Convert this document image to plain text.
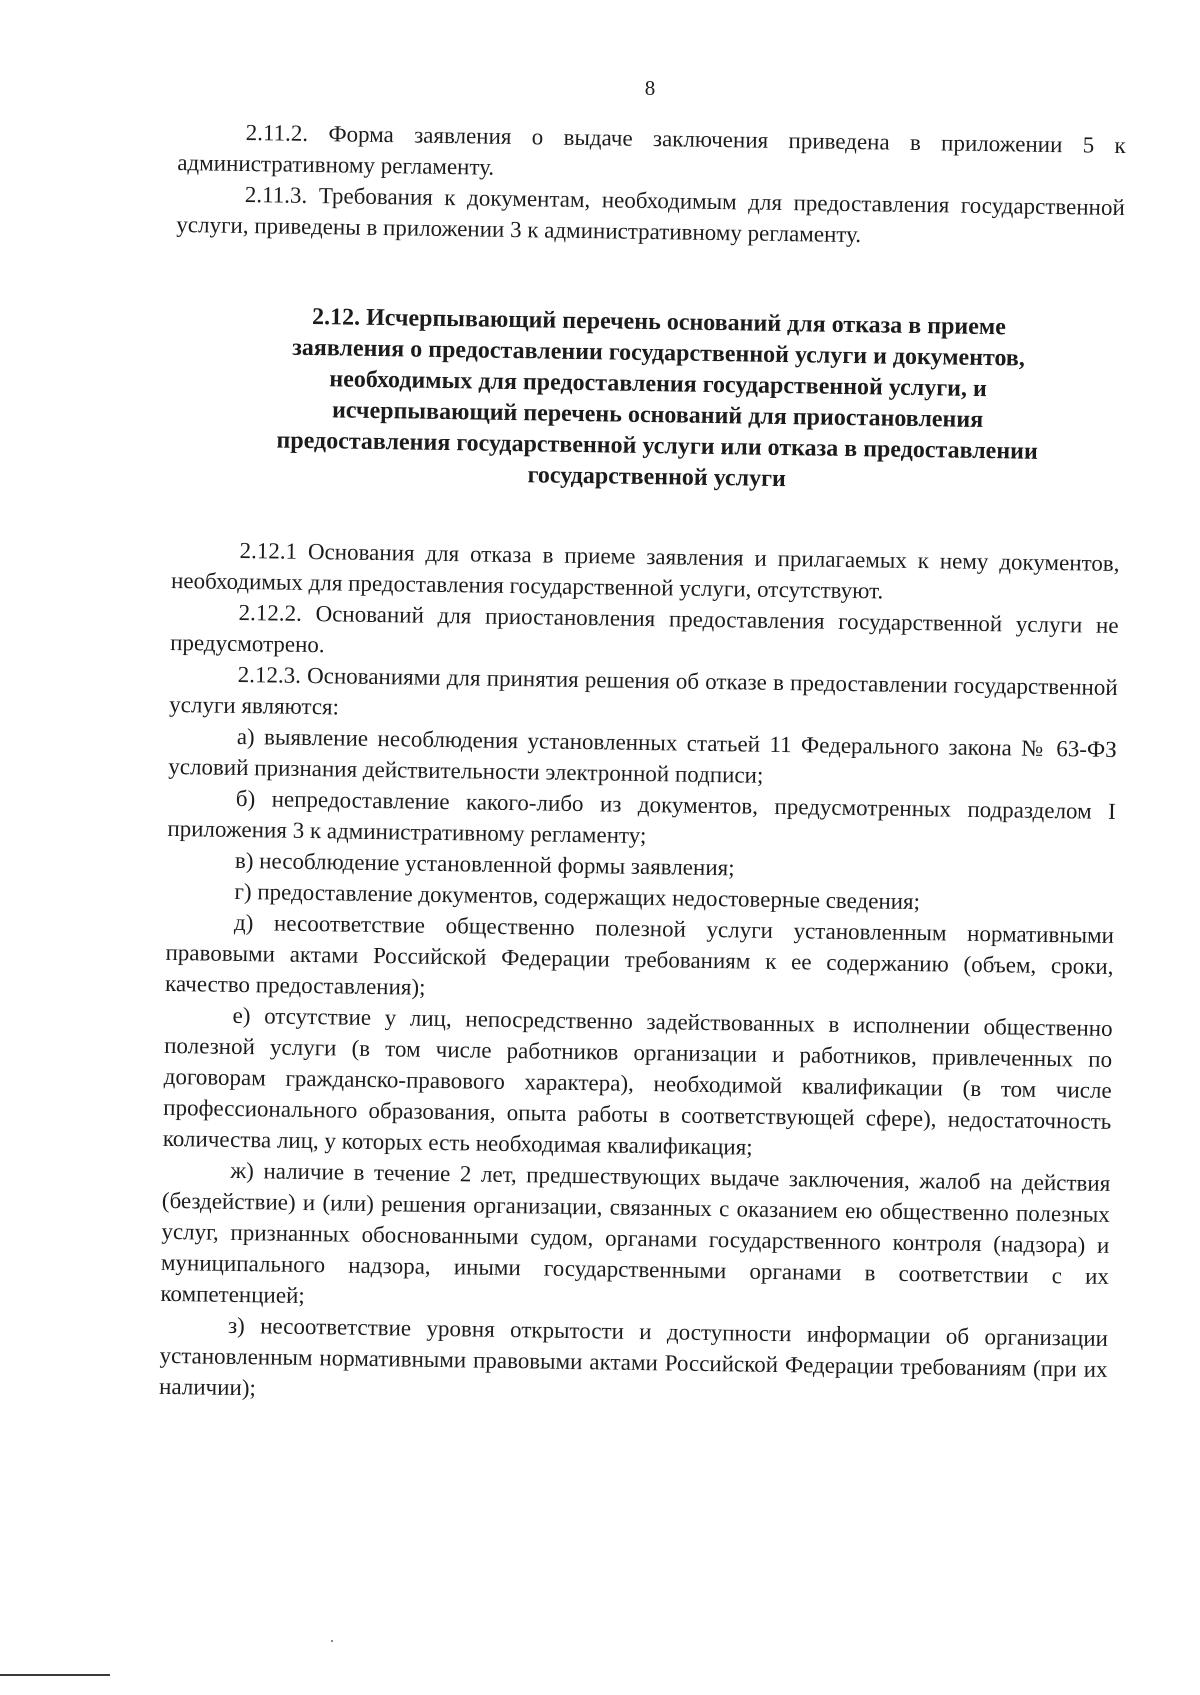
8

2.11.2. Форма заявления о выдаче заключения приведена в приложении 5 к административному регламенту.

2.11.3. Требования к документам, необходимым для предоставления государственной услуги, приведены в приложении 3 к административному регламенту.

2.12. Исчерпывающий перечень оснований для отказа в приеме
заявления о предоставлении государственной услуги и документов,
необходимых для предоставления государственной услуги, и
исчерпывающий перечень оснований для приостановления
предоставления государственной услуги или отказа в предоставлении
государственной услуги

2.12.1 Основания для отказа в приеме заявления и прилагаемых к нему документов, необходимых для предоставления государственной услуги, отсутствуют.

2.12.2. Оснований для приостановления предоставления государственной услуги не предусмотрено.

2.12.3. Основаниями для принятия решения об отказе в предоставлении государственной услуги являются:

а) выявление несоблюдения установленных статьей 11 Федерального закона № 63-ФЗ условий признания действительности электронной подписи;

б) непредоставление какого-либо из документов, предусмотренных подразделом I приложения 3 к административному регламенту;

в) несоблюдение установленной формы заявления;

г) предоставление документов, содержащих недостоверные сведения;

д) несоответствие общественно полезной услуги установленным нормативными правовыми актами Российской Федерации требованиям к ее содержанию (объем, сроки, качество предоставления);

е) отсутствие у лиц, непосредственно задействованных в исполнении общественно полезной услуги (в том числе работников организации и работников, привлеченных по договорам гражданско-правового характера), необходимой квалификации (в том числе профессионального образования, опыта работы в соответствующей сфере), недостаточность количества лиц, у которых есть необходимая квалификация;

ж) наличие в течение 2 лет, предшествующих выдаче заключения, жалоб на действия (бездействие) и (или) решения организации, связанных с оказанием ею общественно полезных услуг, признанных обоснованными судом, органами государственного контроля (надзора) и муниципального надзора, иными государственными органами в соответствии с их компетенцией;

з) несоответствие уровня открытости и доступности информации об организации установленным нормативными правовыми актами Российской Федерации требованиям (при их наличии);
